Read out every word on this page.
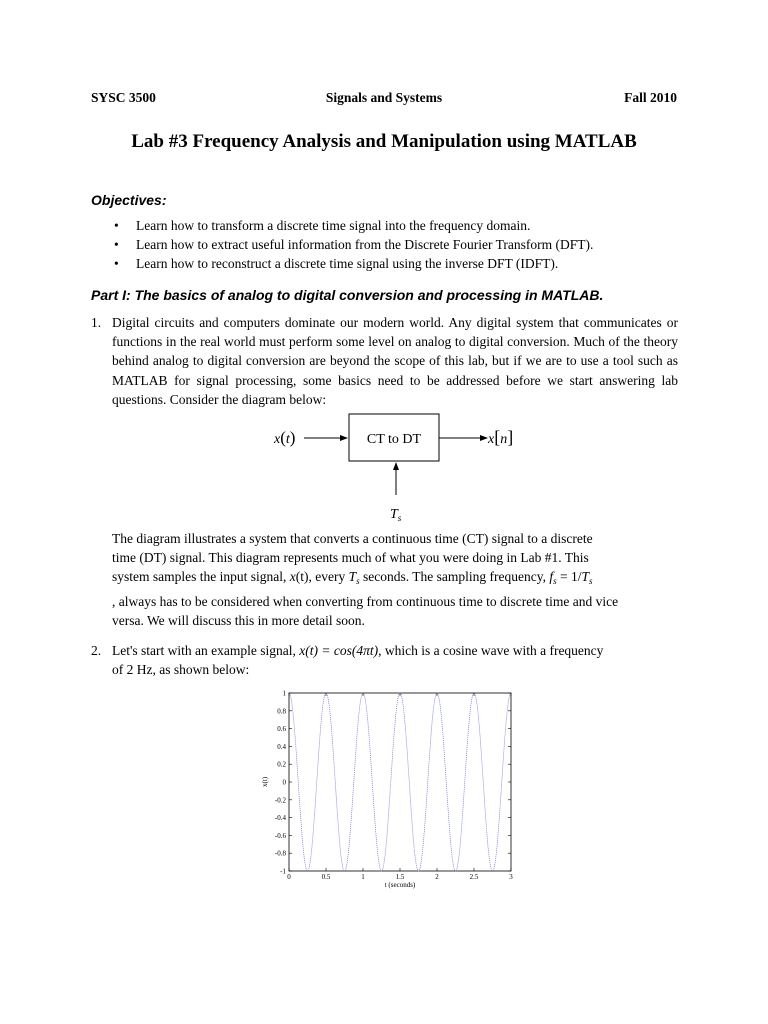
SYSC 3500	Signals and Systems	Fall 2010
Lab #3 Frequency Analysis and Manipulation using MATLAB
Objectives:
• Learn how to transform a discrete time signal into the frequency domain.
• Learn how to extract useful information from the Discrete Fourier Transform (DFT).
• Learn how to reconstruct a discrete time signal using the inverse DFT (IDFT).
Part I: The basics of analog to digital conversion and processing in MATLAB.
1. Digital circuits and computers dominate our modern world. Any digital system that communicates or functions in the real world must perform some level on analog to digital conversion. Much of the theory behind analog to digital conversion are beyond the scope of this lab, but if we are to use a tool such as MATLAB for signal processing, some basics need to be addressed before we start answering lab questions. Consider the diagram below:

x(t)	CT to DT	x[n]
$T_s$
The diagram illustrates a system that converts a continuous time (CT) signal to a discrete
time (DT) signal. This diagram represents much of what you were doing in Lab #1. This
system samples the input signal, x(t), every $T_s$ seconds. The sampling frequency, $f_s = 1/T_s$
, always has to be considered when converting from continuous time to discrete time and vice
versa. We will discuss this in more detail soon.
2. Let's start with an example signal, x(t) = cos(4πt), which is a cosine wave with a frequency
of 2 Hz, as shown below:
0	0.5	1	1.5	2	2.5	3
-1
-0.8
-0.6
-0.4
-0.2
0
0.2
0.4
0.6
0.8
1
t (seconds)
x(t)
